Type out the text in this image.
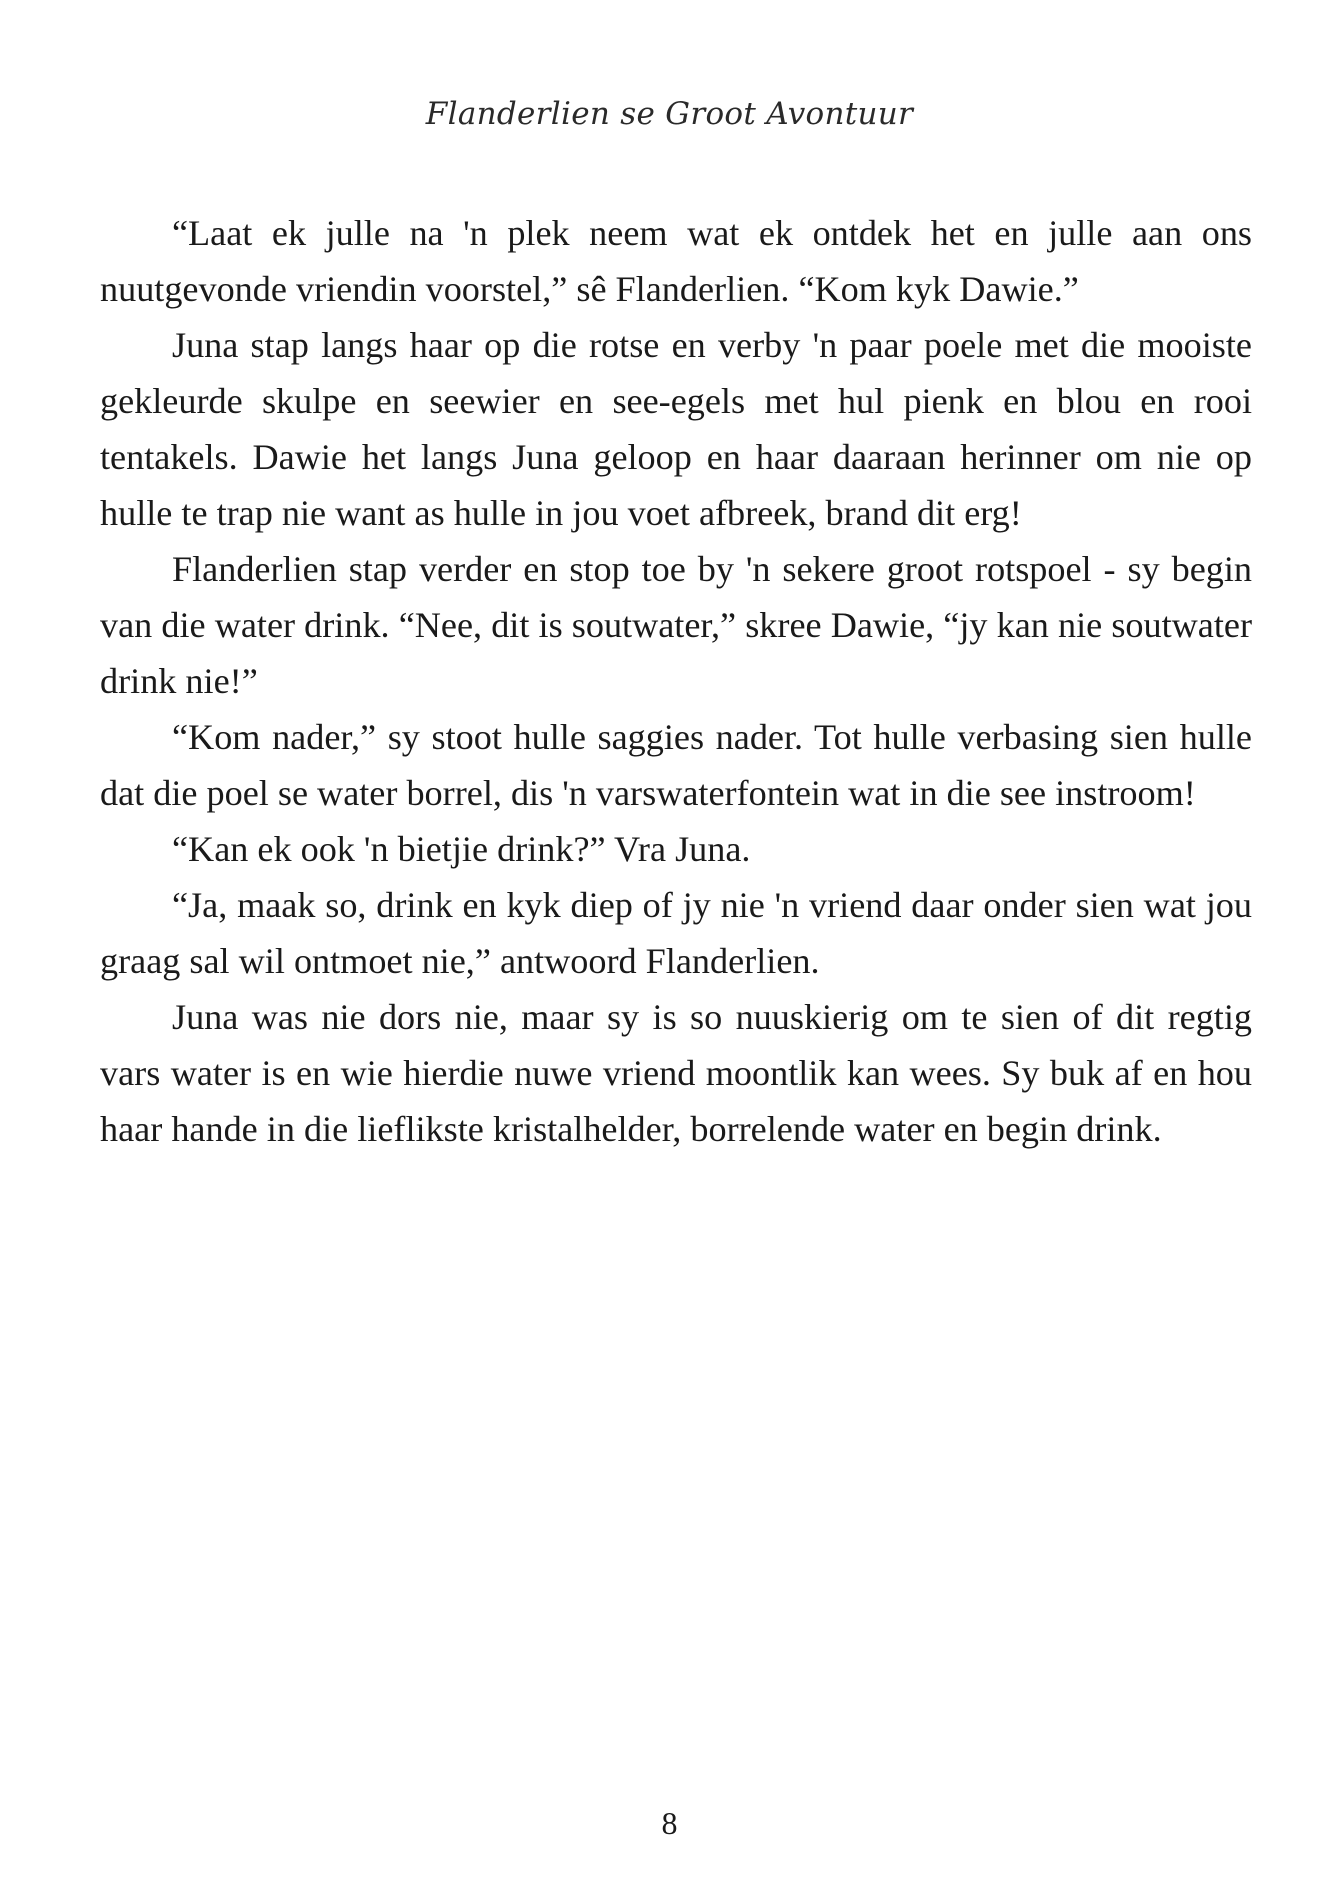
Flanderlien se Groot Avontuur

“Laat ek julle na 'n plek neem wat ek ontdek het en julle aan ons nuutgevonde vriendin voorstel,” sê Flanderlien. “Kom kyk Dawie.”

Juna stap langs haar op die rotse en verby 'n paar poele met die mooiste gekleurde skulpe en seewier en see-egels met hul pienk en blou en rooi tentakels. Dawie het langs Juna geloop en haar daaraan herinner om nie op hulle te trap nie want as hulle in jou voet afbreek, brand dit erg!

Flanderlien stap verder en stop toe by 'n sekere groot rotspoel - sy begin van die water drink. “Nee, dit is soutwater,” skree Dawie, “jy kan nie soutwater drink nie!”

“Kom nader,” sy stoot hulle saggies nader. Tot hulle verbasing sien hulle dat die poel se water borrel, dis 'n varswaterfontein wat in die see instroom!

“Kan ek ook 'n bietjie drink?” Vra Juna.

“Ja, maak so, drink en kyk diep of jy nie 'n vriend daar onder sien wat jou graag sal wil ontmoet nie,” antwoord Flanderlien.

Juna was nie dors nie, maar sy is so nuuskierig om te sien of dit regtig vars water is en wie hierdie nuwe vriend moontlik kan wees. Sy buk af en hou haar hande in die lieflikste kristalhelder, borrelende water en begin drink.

8
